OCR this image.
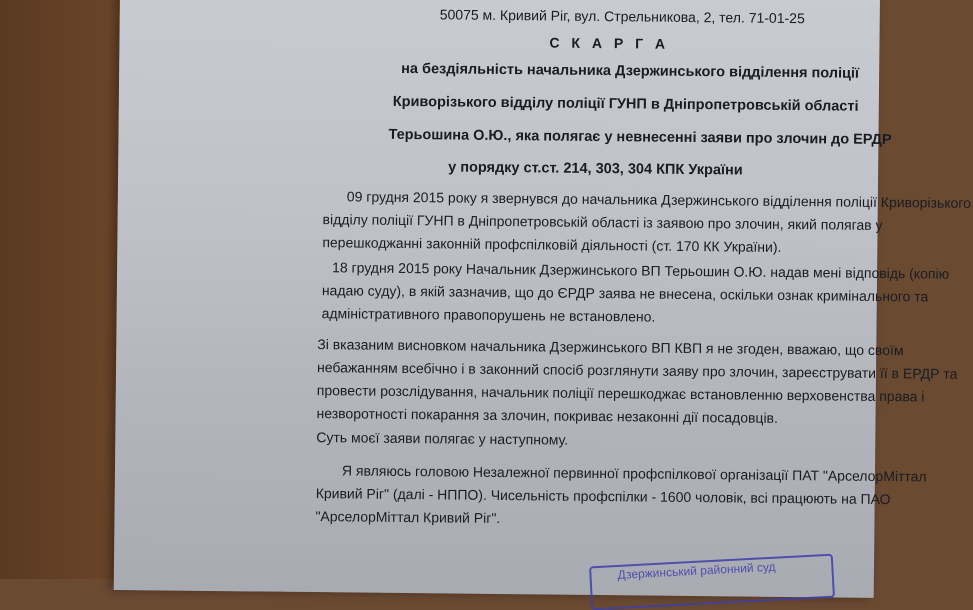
50075 м. Кривий Ріг, вул. Стрельникова, 2, тел. 71-01-25
С К А Р Г А
на бездіяльність начальника Дзержинського відділення поліції
Криворізького відділу поліції ГУНП в Дніпропетровській області
Терьошина О.Ю., яка полягає у невнесенні заяви про злочин до ЕРДР
у порядку ст.ст. 214, 303, 304 КПК України
09 грудня 2015 року я звернувся до начальника Дзержинського відділення поліції Криворізького
відділу поліції ГУНП в Дніпропетровській області із заявою про злочин, який полягав у
перешкоджанні законній профспілковій діяльності (ст. 170 КК України).
18 грудня 2015 року Начальник Дзержинського ВП Терьошин О.Ю. надав мені відповідь (копію
надаю суду), в якій зазначив, що до ЄРДР заява не внесена, оскільки ознак кримінального та
адміністративного правопорушень не встановлено.
Зі вказаним висновком начальника Дзержинського ВП КВП я не згоден, вважаю, що своїм
небажанням всебічно і в законний спосіб розглянути заяву про злочин, зареєструвати її в ЕРДР та
провести розслідування, начальник поліції перешкоджає встановленню верховенства права і
незворотності покарання за злочин, покриває незаконні дії посадовців.
Суть моєї заяви полягає у наступному.
Я являюсь головою Незалежної первинної профспілкової організації ПАТ "АрселорМіттал
Кривий Ріг" (далі - НППО). Чисельність профспілки - 1600 чоловік, всі працюють на ПАО
"АрселорМіттал Кривий Ріг".
Дзержинський районний суд
